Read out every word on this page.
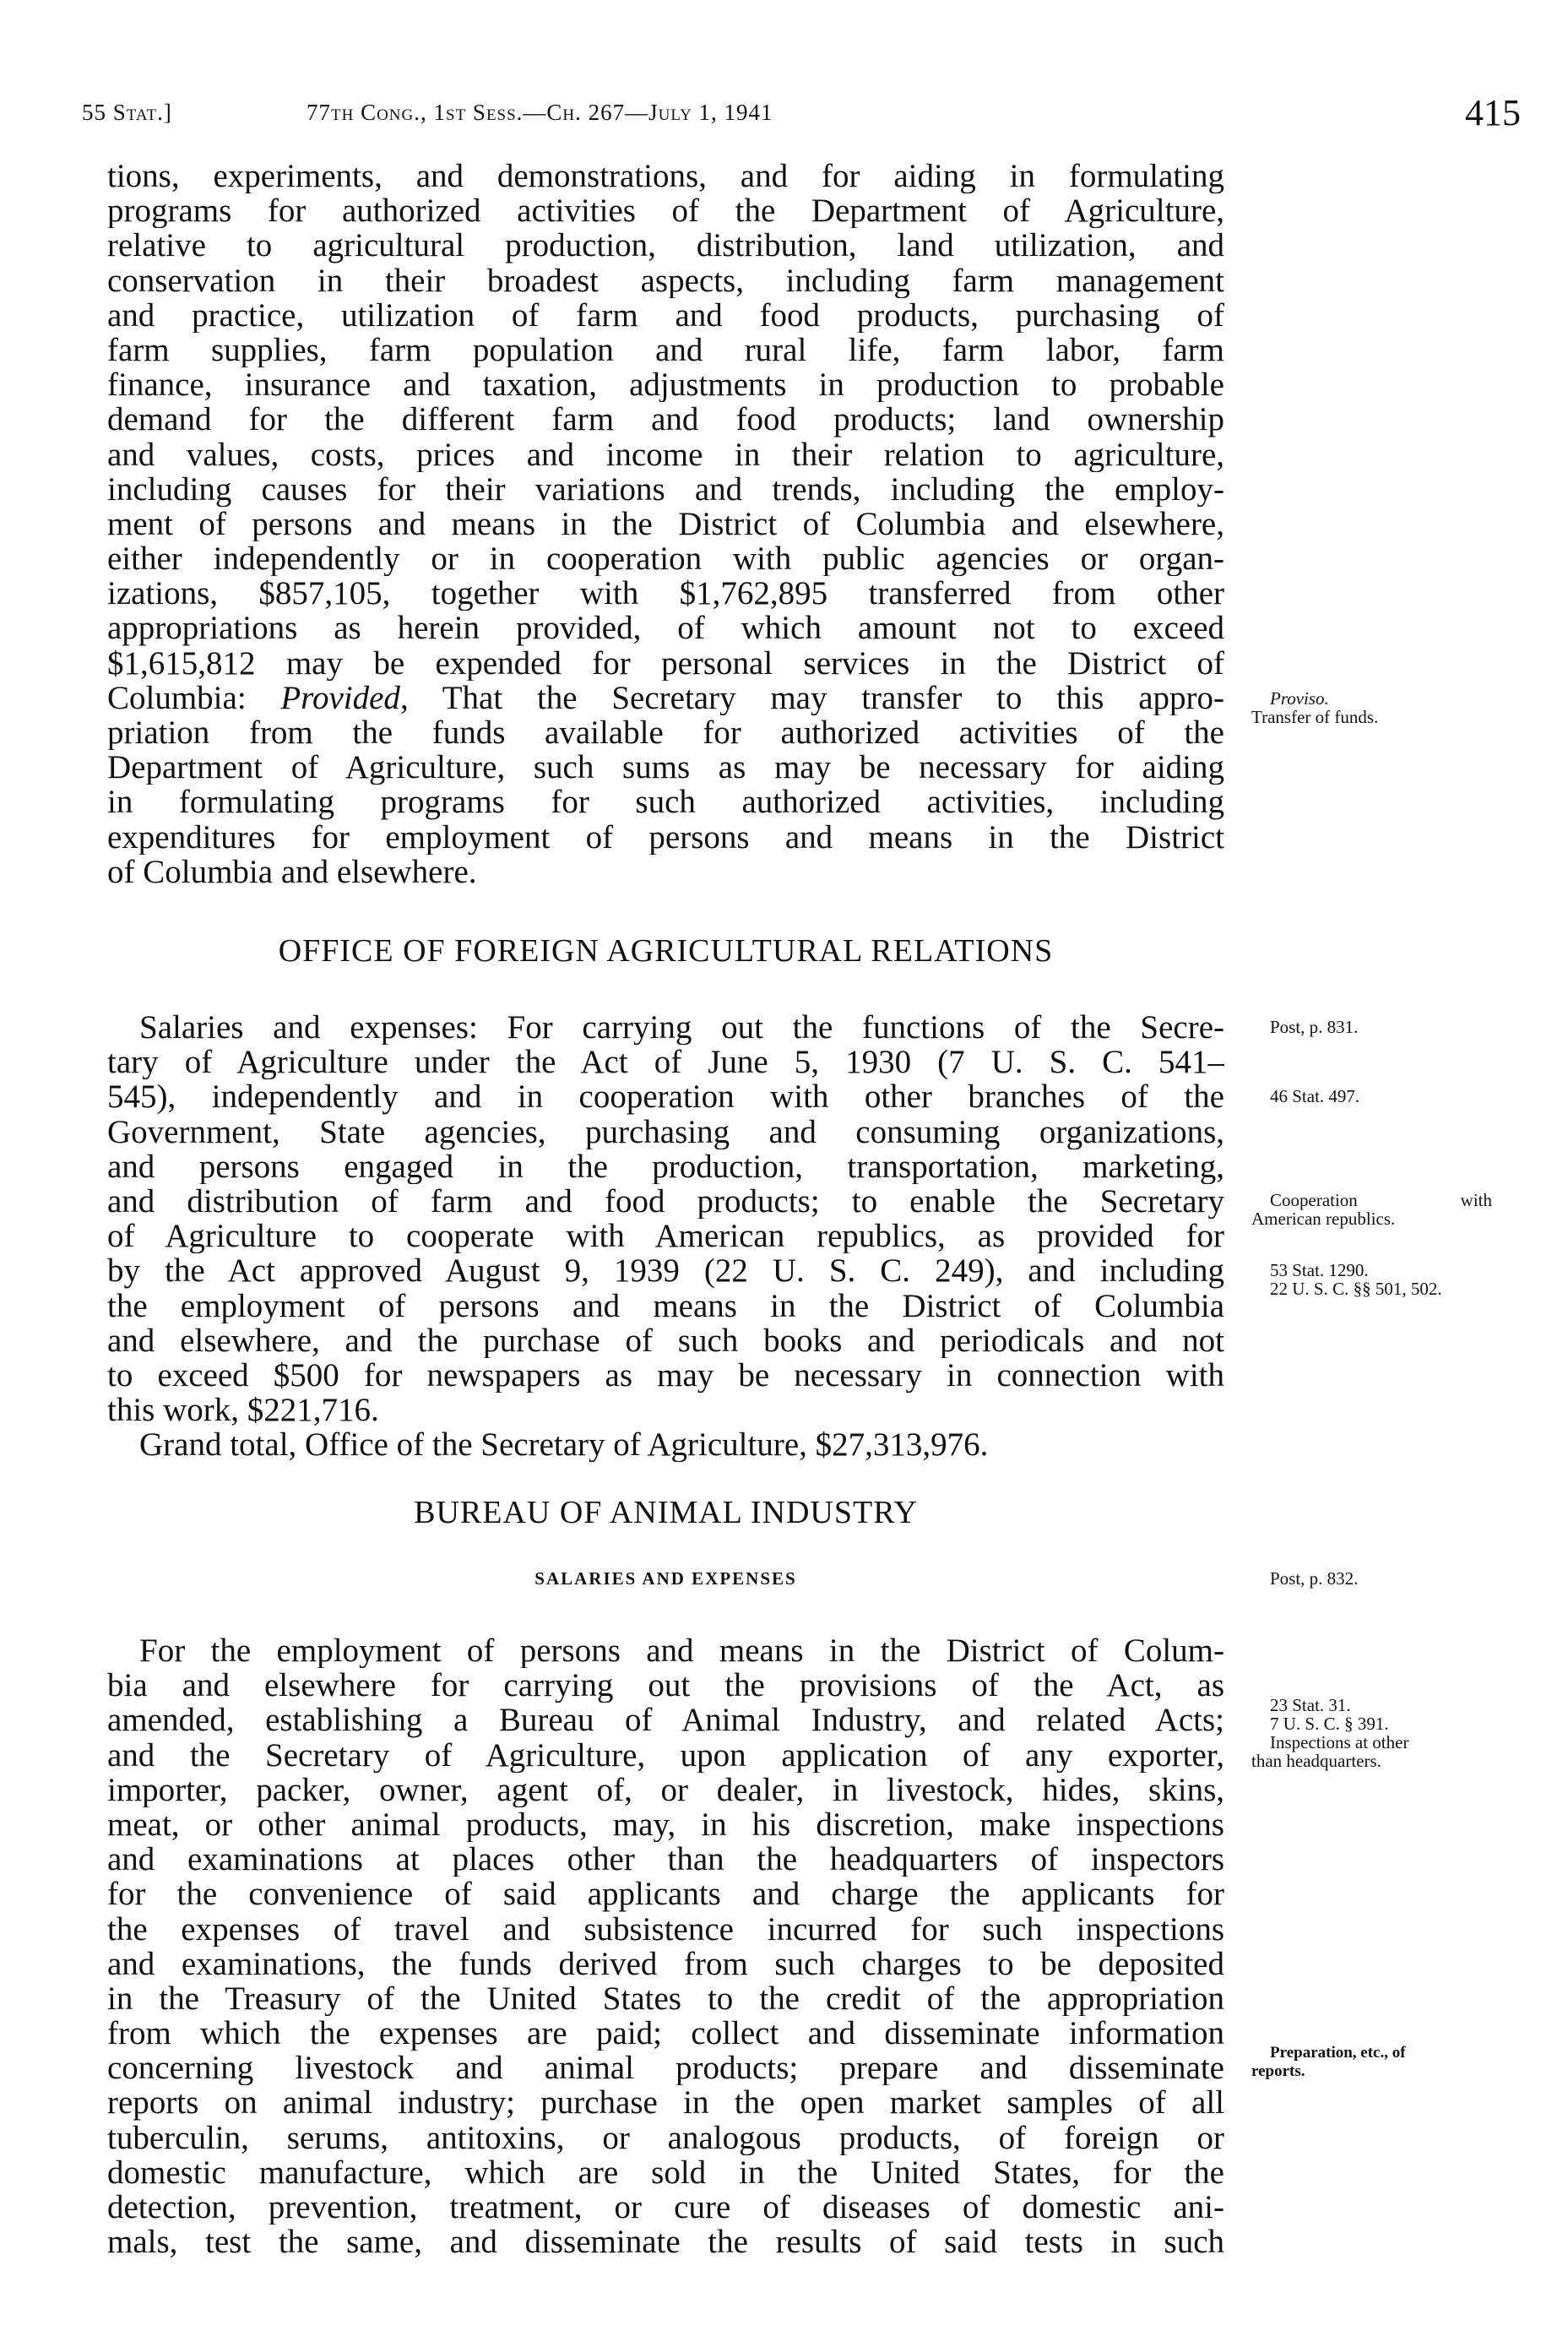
55 Stat.]	77th Cong., 1st Sess.—Ch. 267—July 1, 1941	415
tions, experiments, and demonstrations, and for aiding in formulating
programs for authorized activities of the Department of Agriculture,
relative to agricultural production, distribution, land utilization, and
conservation in their broadest aspects, including farm management
and practice, utilization of farm and food products, purchasing of
farm supplies, farm population and rural life, farm labor, farm
finance, insurance and taxation, adjustments in production to probable
demand for the different farm and food products; land ownership
and values, costs, prices and income in their relation to agriculture,
including causes for their variations and trends, including the employ-
ment of persons and means in the District of Columbia and elsewhere,
either independently or in cooperation with public agencies or organ-
izations, $857,105, together with $1,762,895 transferred from other
appropriations as herein provided, of which amount not to exceed
$1,615,812 may be expended for personal services in the District of
Columbia: Provided, That the Secretary may transfer to this appro-
priation from the funds available for authorized activities of the
Department of Agriculture, such sums as may be necessary for aiding
in formulating programs for such authorized activities, including
expenditures for employment of persons and means in the District
of Columbia and elsewhere.
Proviso.
Transfer of funds.
OFFICE OF FOREIGN AGRICULTURAL RELATIONS
Salaries and expenses: For carrying out the functions of the Secre-
tary of Agriculture under the Act of June 5, 1930 (7 U. S. C. 541–
545), independently and in cooperation with other branches of the
Government, State agencies, purchasing and consuming organizations,
and persons engaged in the production, transportation, marketing,
and distribution of farm and food products; to enable the Secretary
of Agriculture to cooperate with American republics, as provided for
by the Act approved August 9, 1939 (22 U. S. C. 249), and including
the employment of persons and means in the District of Columbia
and elsewhere, and the purchase of such books and periodicals and not
to exceed $500 for newspapers as may be necessary in connection with
this work, $221,716.
Grand total, Office of the Secretary of Agriculture, $27,313,976.
Post, p. 831.
46 Stat. 497.
Cooperation with
American republics.
53 Stat. 1290.
22 U. S. C. §§ 501, 502.
BUREAU OF ANIMAL INDUSTRY
SALARIES AND EXPENSES	Post, p. 832.
For the employment of persons and means in the District of Colum-
bia and elsewhere for carrying out the provisions of the Act, as
amended, establishing a Bureau of Animal Industry, and related Acts;
and the Secretary of Agriculture, upon application of any exporter,
importer, packer, owner, agent of, or dealer, in livestock, hides, skins,
meat, or other animal products, may, in his discretion, make inspections
and examinations at places other than the headquarters of inspectors
for the convenience of said applicants and charge the applicants for
the expenses of travel and subsistence incurred for such inspections
and examinations, the funds derived from such charges to be deposited
in the Treasury of the United States to the credit of the appropriation
from which the expenses are paid; collect and disseminate information
concerning livestock and animal products; prepare and disseminate
reports on animal industry; purchase in the open market samples of all
tuberculin, serums, antitoxins, or analogous products, of foreign or
domestic manufacture, which are sold in the United States, for the
detection, prevention, treatment, or cure of diseases of domestic ani-
mals, test the same, and disseminate the results of said tests in such
23 Stat. 31.
7 U. S. C. § 391.
Inspections at other
than headquarters.
Preparation, etc., of
reports.
